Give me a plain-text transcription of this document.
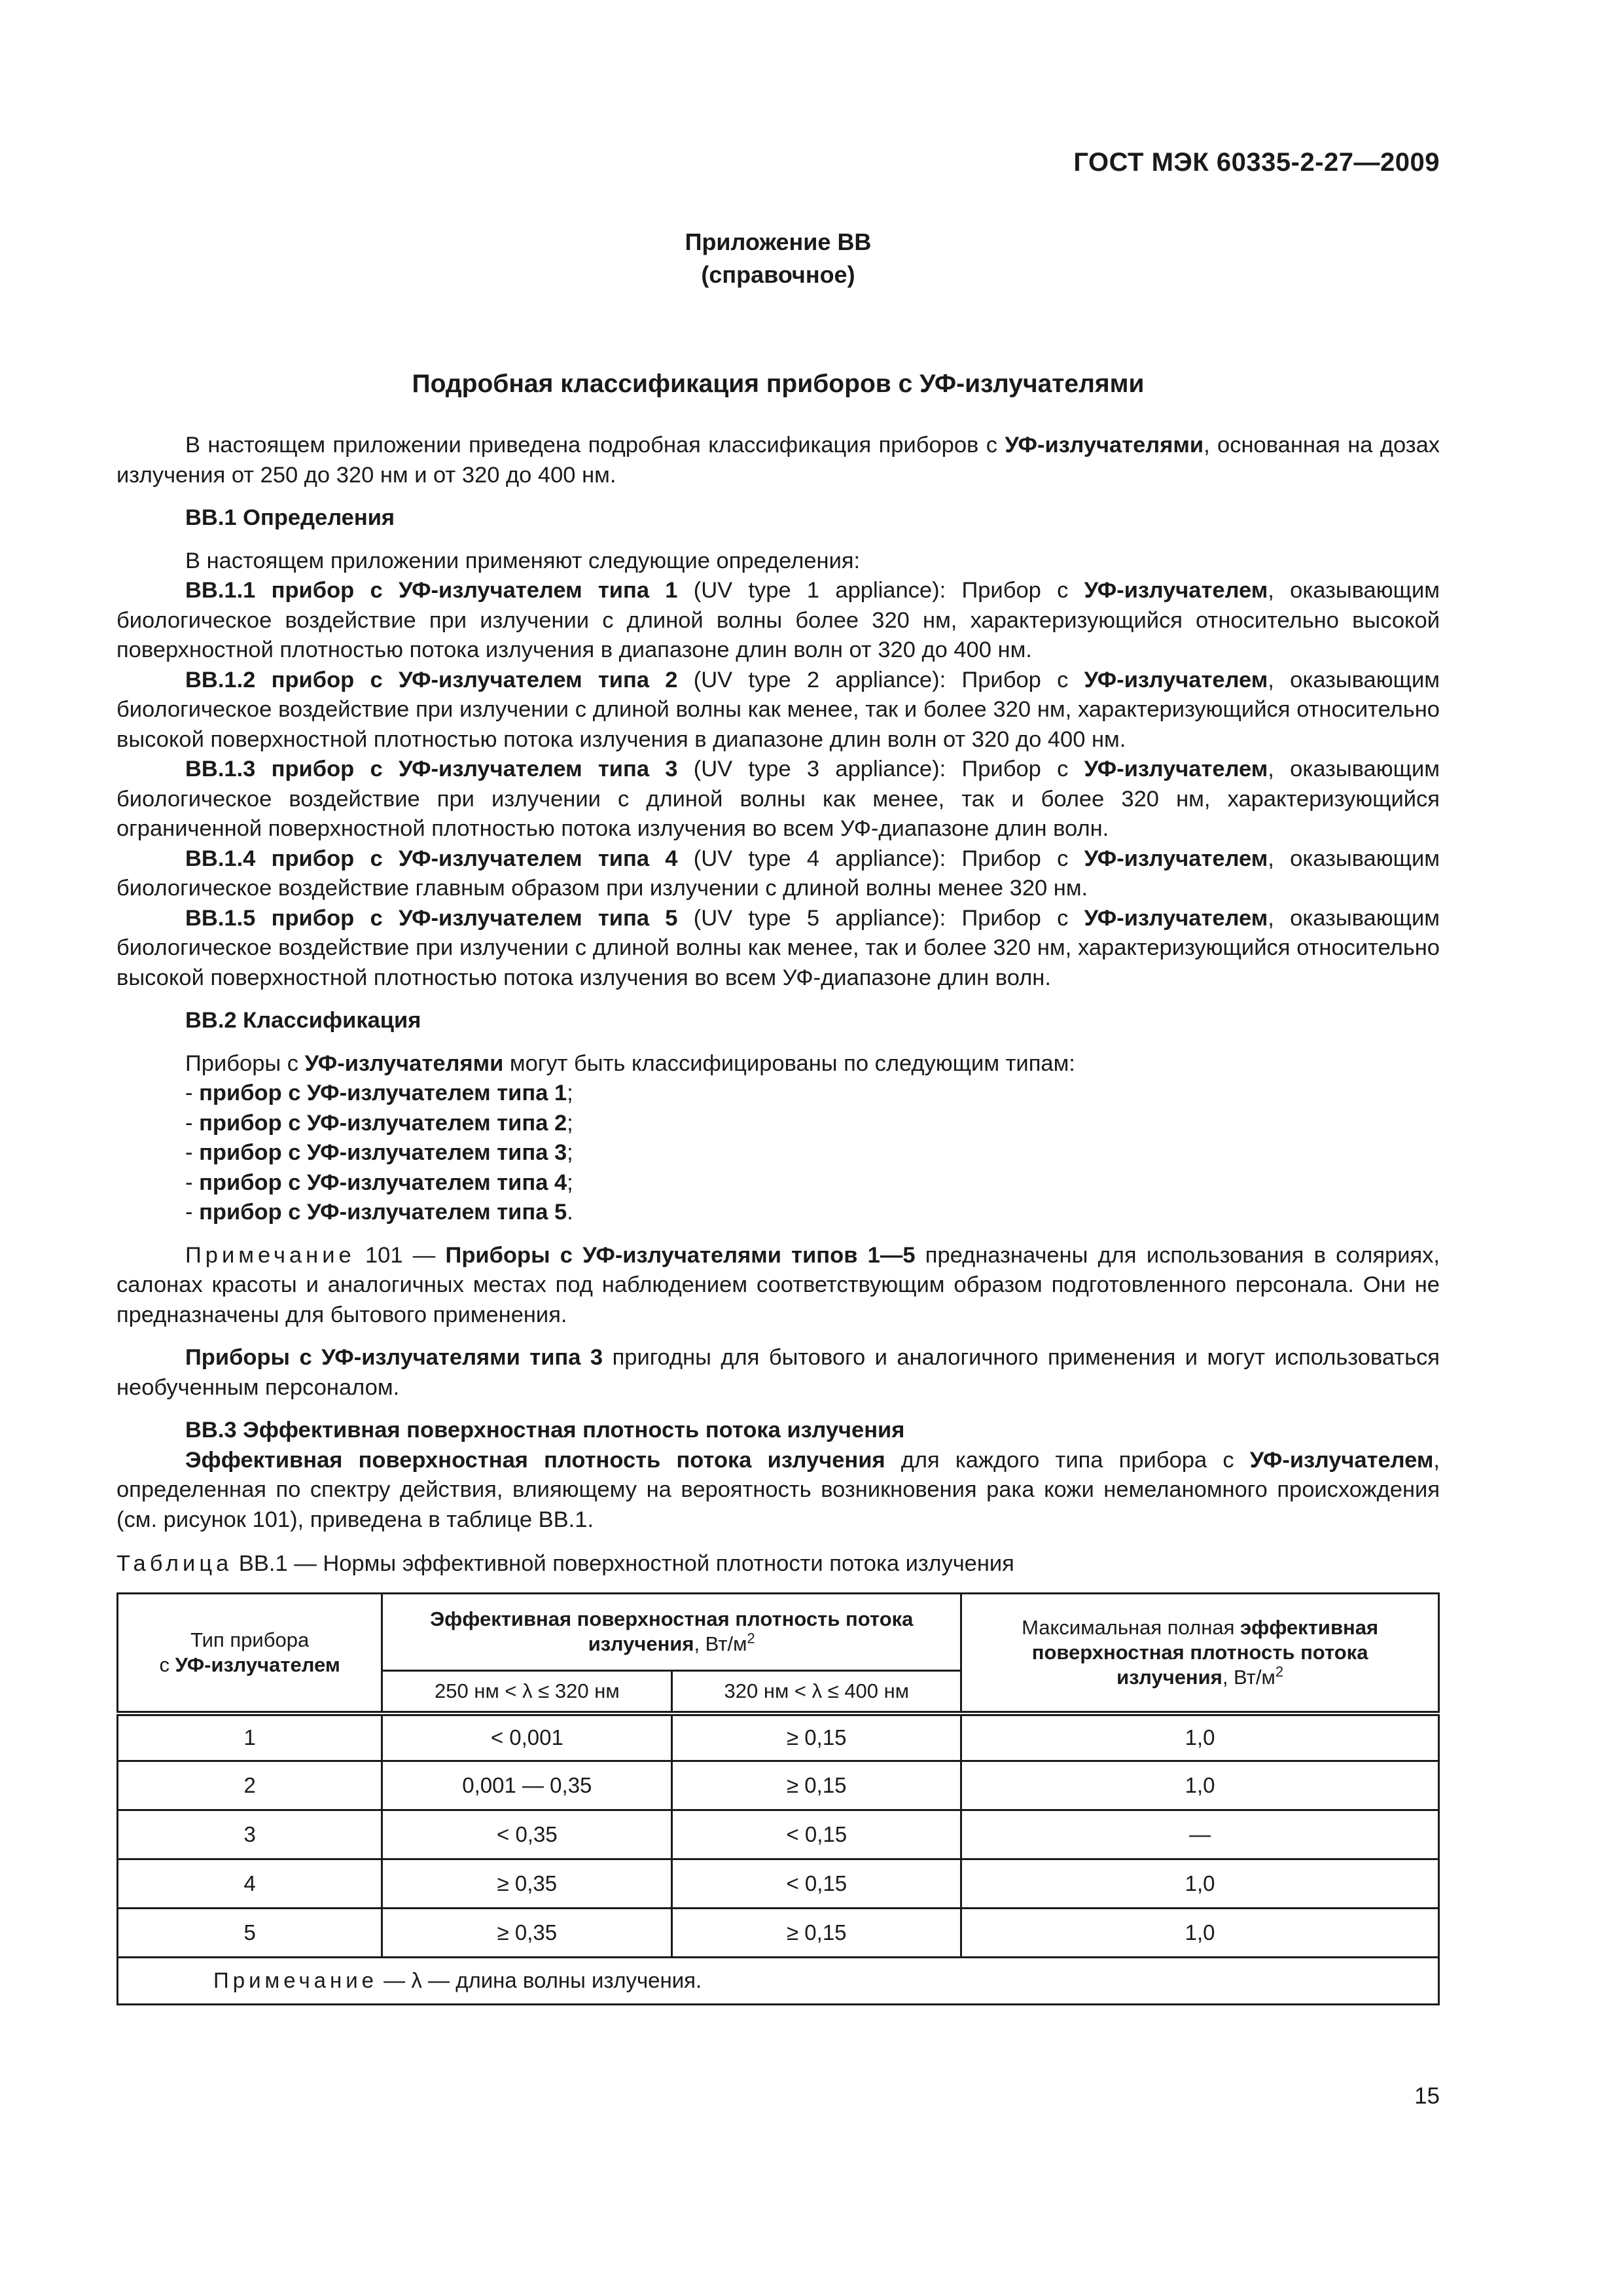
ГОСТ МЭК 60335-2-27—2009
Приложение ВВ
(справочное)
Подробная классификация приборов с УФ-излучателями

В настоящем приложении приведена подробная классификация приборов с УФ-излучателями, основанная на дозах излучения от 250 до 320 нм и от 320 до 400 нм.

ВВ.1 Определения

В настоящем приложении применяют следующие определения:

ВВ.1.1 прибор с УФ-излучателем типа 1 (UV type 1 appliance): Прибор с УФ-излучателем, оказывающим биологическое воздействие при излучении с длиной волны более 320 нм, характеризующийся относительно высокой поверхностной плотностью потока излучения в диапазоне длин волн от 320 до 400 нм.

ВВ.1.2 прибор с УФ-излучателем типа 2 (UV type 2 appliance): Прибор с УФ-излучателем, оказывающим биологическое воздействие при излучении с длиной волны как менее, так и более 320 нм, характеризующийся относительно высокой поверхностной плотностью потока излучения в диапазоне длин волн от 320 до 400 нм.

ВВ.1.3 прибор с УФ-излучателем типа 3 (UV type 3 appliance): Прибор с УФ-излучателем, оказывающим биологическое воздействие при излучении с длиной волны как менее, так и более 320 нм, характеризующийся ограниченной поверхностной плотностью потока излучения во всем УФ-диапазоне длин волн.

ВВ.1.4 прибор с УФ-излучателем типа 4 (UV type 4 appliance): Прибор с УФ-излучателем, оказывающим биологическое воздействие главным образом при излучении с длиной волны менее 320 нм.

ВВ.1.5 прибор с УФ-излучателем типа 5 (UV type 5 appliance): Прибор с УФ-излучателем, оказывающим биологическое воздействие при излучении с длиной волны как менее, так и более 320 нм, характеризующийся относительно высокой поверхностной плотностью потока излучения во всем УФ-диапазоне длин волн.

ВВ.2 Классификация

Приборы с УФ-излучателями могут быть классифицированы по следующим типам:

- прибор с УФ-излучателем типа 1;

- прибор с УФ-излучателем типа 2;

- прибор с УФ-излучателем типа 3;

- прибор с УФ-излучателем типа 4;

- прибор с УФ-излучателем типа 5.

Примечание 101 — Приборы с УФ-излучателями типов 1—5 предназначены для использования в соляриях, салонах красоты и аналогичных местах под наблюдением соответствующим образом подготовленного персонала. Они не предназначены для бытового применения.

Приборы с УФ-излучателями типа 3 пригодны для бытового и аналогичного применения и могут использоваться необученным персоналом.

ВВ.3 Эффективная поверхностная плотность потока излучения

Эффективная поверхностная плотность потока излучения для каждого типа прибора с УФ-излучателем, определенная по спектру действия, влияющему на вероятность возникновения рака кожи немеланомного происхождения (см. рисунок 101), приведена в таблице ВВ.1.

Таблица ВВ.1 — Нормы эффективной поверхностной плотности потока излучения

Тип прибора
с УФ-излучателем	Эффективная поверхностная плотность потока излучения, $Вт/м^2$		Максимальная полная эффективная поверхностная плотность потока излучения, $Вт/м^2$
	250 нм < λ ≤ 320 нм	320 нм < λ ≤ 400 нм	
1	< 0,001	≥ 0,15	1,0
2	0,001 — 0,35	≥ 0,15	1,0
3	< 0,35	< 0,15	—
4	≥ 0,35	< 0,15	1,0
5	≥ 0,35	≥ 0,15	1,0
Примечание — λ — длина волны излучения.			
15
